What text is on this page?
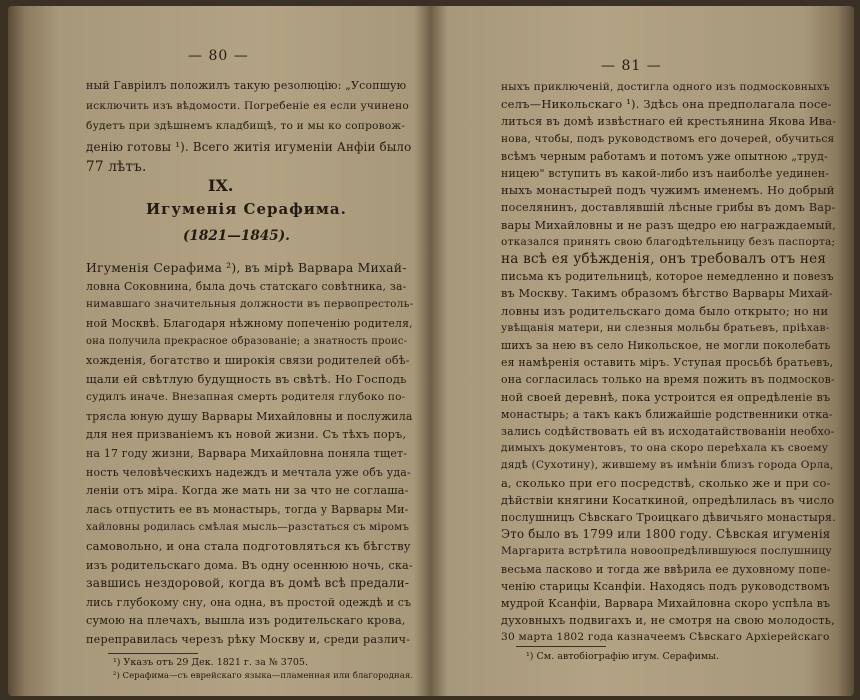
— 80 —
ный Гавріилъ положилъ такую резолюцію: „Усопшую
исключить изъ вѣдомости. Погребеніе ея если учинено
будетъ при здѣшнемъ кладбищѣ, то и мы ко сопровож-
денію готовы ¹). Всего житія игуменіи Анфіи было
77 лѣтъ.
IX.
Игуменія Серафима.
(1821—1845).
Игуменія Серафима ²), въ мірѣ Варвара Михай-
ловна Соковнина, была дочь статскаго совѣтника, за-
нимавшаго значительныя должности въ первопрестоль-
ной Москвѣ. Благодаря нѣжному попеченію родителя,
она получила прекрасное образованіе; а знатность проис-
хожденія, богатство и широкія связи родителей обѣ-
щали ей свѣтлую будущность въ свѣтѣ. Но Господь
судилъ иначе. Внезапная смерть родителя глубоко по-
трясла юную душу Варвары Михайловны и послужила
для нея призваніемъ къ новой жизни. Съ тѣхъ поръ,
на 17 году жизни, Варвара Михайловна поняла тщет-
ность человѣческихъ надеждъ и мечтала уже объ уда-
леніи отъ міра. Когда же мать ни за что не соглаша-
лась отпустить ее въ монастырь, тогда у Варвары Ми-
хайловны родилась смѣлая мысль—разстаться съ міромъ
самовольно, и она стала подготовляться къ бѣгству
изъ родительскаго дома. Въ одну осеннюю ночь, ска-
завшись нездоровой, когда въ домѣ всѣ предали-
лись глубокому сну, она одна, въ простой одеждѣ и съ
сумою на плечахъ, вышла изъ родительскаго крова,
переправилась черезъ рѣку Москву и, среди различ-
¹) Указъ отъ 29 Дек. 1821 г. за № 3705.
²) Серафима—съ еврейскаго языка—пламенная или благородная.
— 81 —
ныхъ приключеній, достигла одного изъ подмосковныхъ
селъ—Никольскаго ¹). Здѣсь она предполагала посе-
литься въ домѣ извѣстнаго ей крестьянина Якова Ива-
нова, чтобы, подъ руководствомъ его дочерей, обучиться
всѣмъ черным работамъ и потомъ уже опытною „труд-
ницею" вступить въ какой-либо изъ наиболѣе уединен-
ныхъ монастырей подъ чужимъ именемъ. Но добрый
поселянинъ, доставлявшій лѣсные грибы въ домъ Вар-
вары Михайловны и не разъ щедро ею награждаемый,
отказался принять свою благодѣтельницу безъ паспорта;
на всѣ ея убѣжденія, онъ требовалъ отъ нея
письма къ родительницѣ, которое немедленно и повезъ
въ Москву. Такимъ образомъ бѣгство Варвары Михай-
ловны изъ родительскаго дома было открыто; но ни
увѣщанія матери, ни слезныя мольбы братьевъ, пріѣхав-
шихъ за нею въ село Никольское, не могли поколебать
ея намѣренія оставить міръ. Уступая просьбѣ братьевъ,
она согласилась только на время пожить въ подмосков-
ной своей деревнѣ, пока устроится ея опредѣленіе въ
монастырь; а такъ какъ ближайшіе родственники отка-
зались содѣйствовать ей въ исходатайствованіи необхо-
димыхъ документовъ, то она скоро переѣхала къ своему
дядѣ (Сухотину), жившему въ имѣніи близъ города Орла,
а, сколько при его посредствѣ, сколько же и при со-
дѣйствіи княгини Косаткиной, опредѣлилась въ число
послушницъ Сѣвскаго Троицкаго дѣвичьяго монастыря.
Это было въ 1799 или 1800 году. Сѣвская игуменія
Маргарита встрѣтила новоопредѣлившуюся послушницу
весьма ласково и тогда же ввѣрила ее духовному попе-
ченію старицы Ксанфіи. Находясь подъ руководствомъ
мудрой Ксанфіи, Варвара Михайловна скоро успѣла въ
духовныхъ подвигахъ и, не смотря на свою молодость,
30 марта 1802 года казначеемъ Сѣвскаго Архіерейскаго
¹) См. автобіографію игум. Серафимы.
